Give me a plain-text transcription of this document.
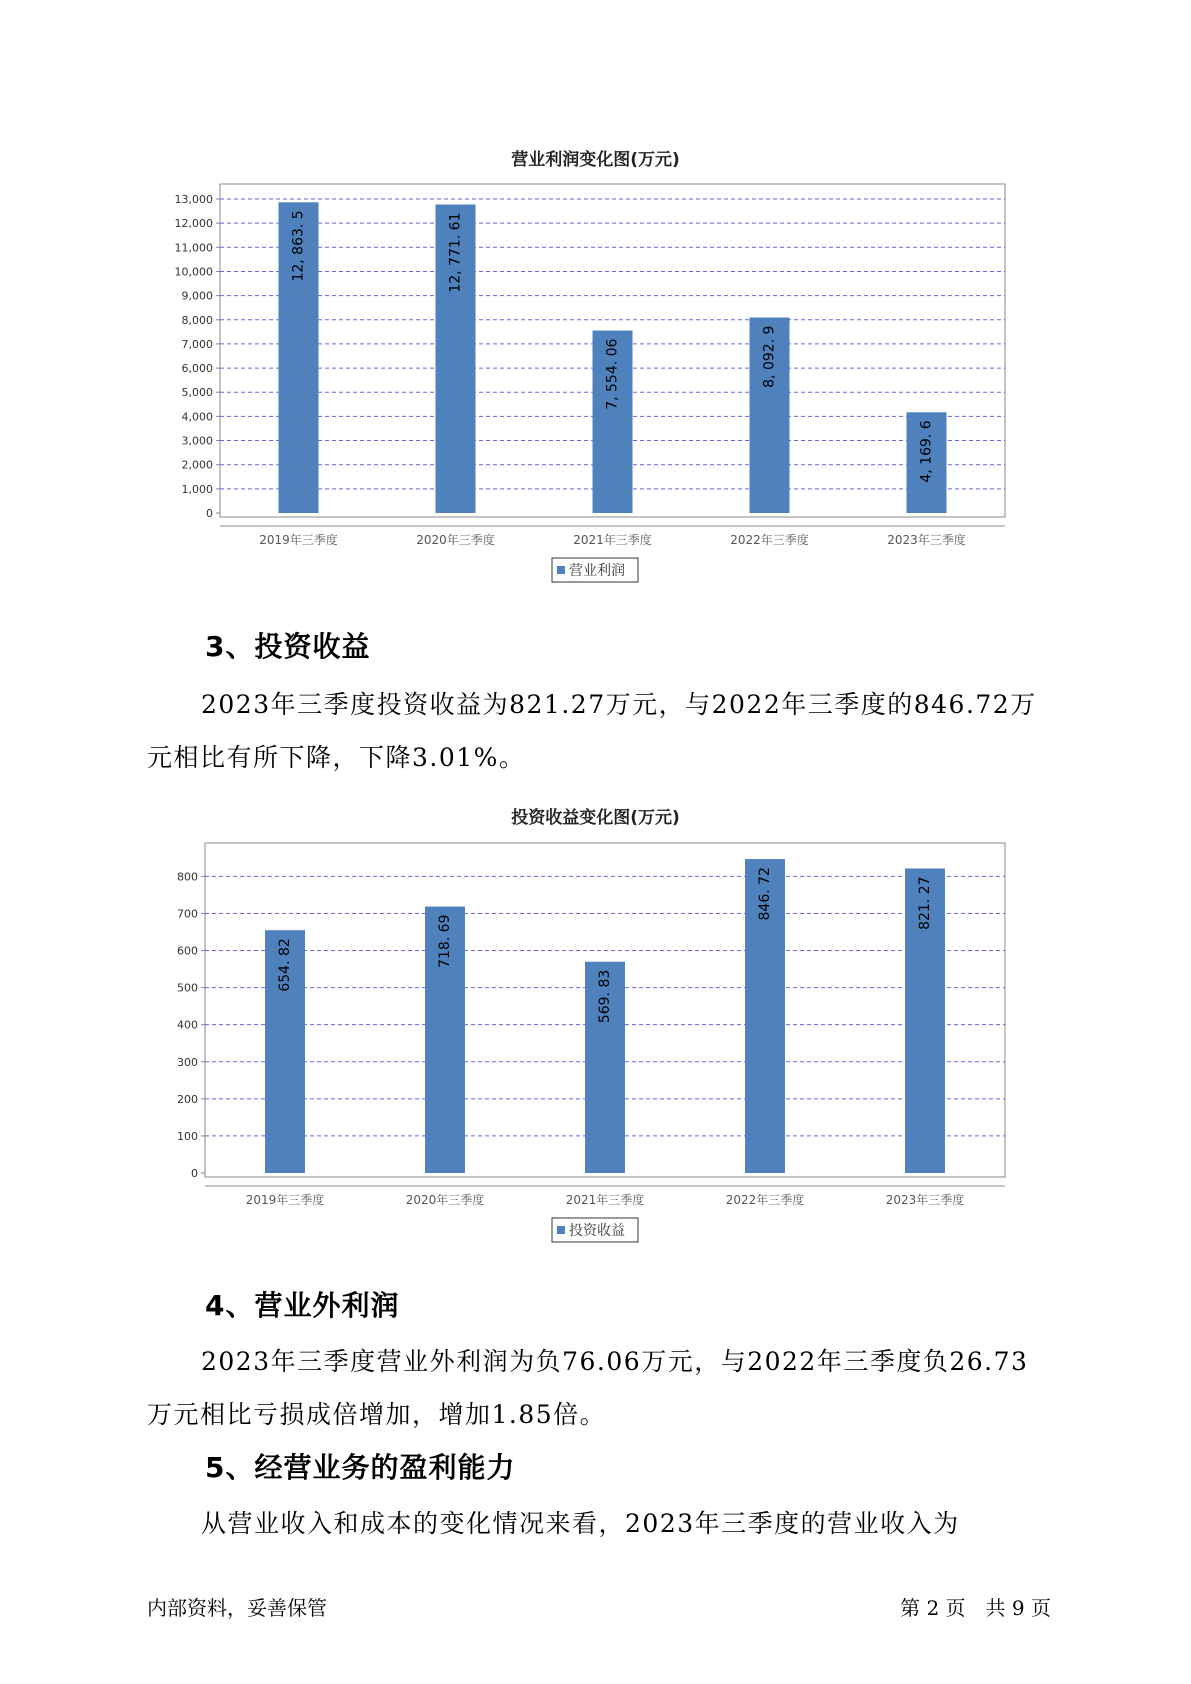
营业利润变化图(万元)
0
1,000
2,000
3,000
4,000
5,000
6,000
7,000
8,000
9,000
10,000
11,000
12,000
13,000
12, 863. 5
2019年三季度
12, 771. 61
2020年三季度
7, 554. 06
2021年三季度
8, 092. 9
2022年三季度
4, 169. 6
2023年三季度
营业利润
3、投资收益

2023年三季度投资收益为821.27万元，与2022年三季度的846.72万元相比有所下降，下降3.01%。

投资收益变化图(万元)
0
100
200
300
400
500
600
700
800
654. 82
2019年三季度
718. 69
2020年三季度
569. 83
2021年三季度
846. 72
2022年三季度
821. 27
2023年三季度
投资收益
4、营业外利润

2023年三季度营业外利润为负76.06万元，与2022年三季度负26.73万元相比亏损成倍增加，增加1.85倍。

5、经营业务的盈利能力

从营业收入和成本的变化情况来看，2023年三季度的营业收入为

内部资料，妥善保管	第 2 页　共 9 页
